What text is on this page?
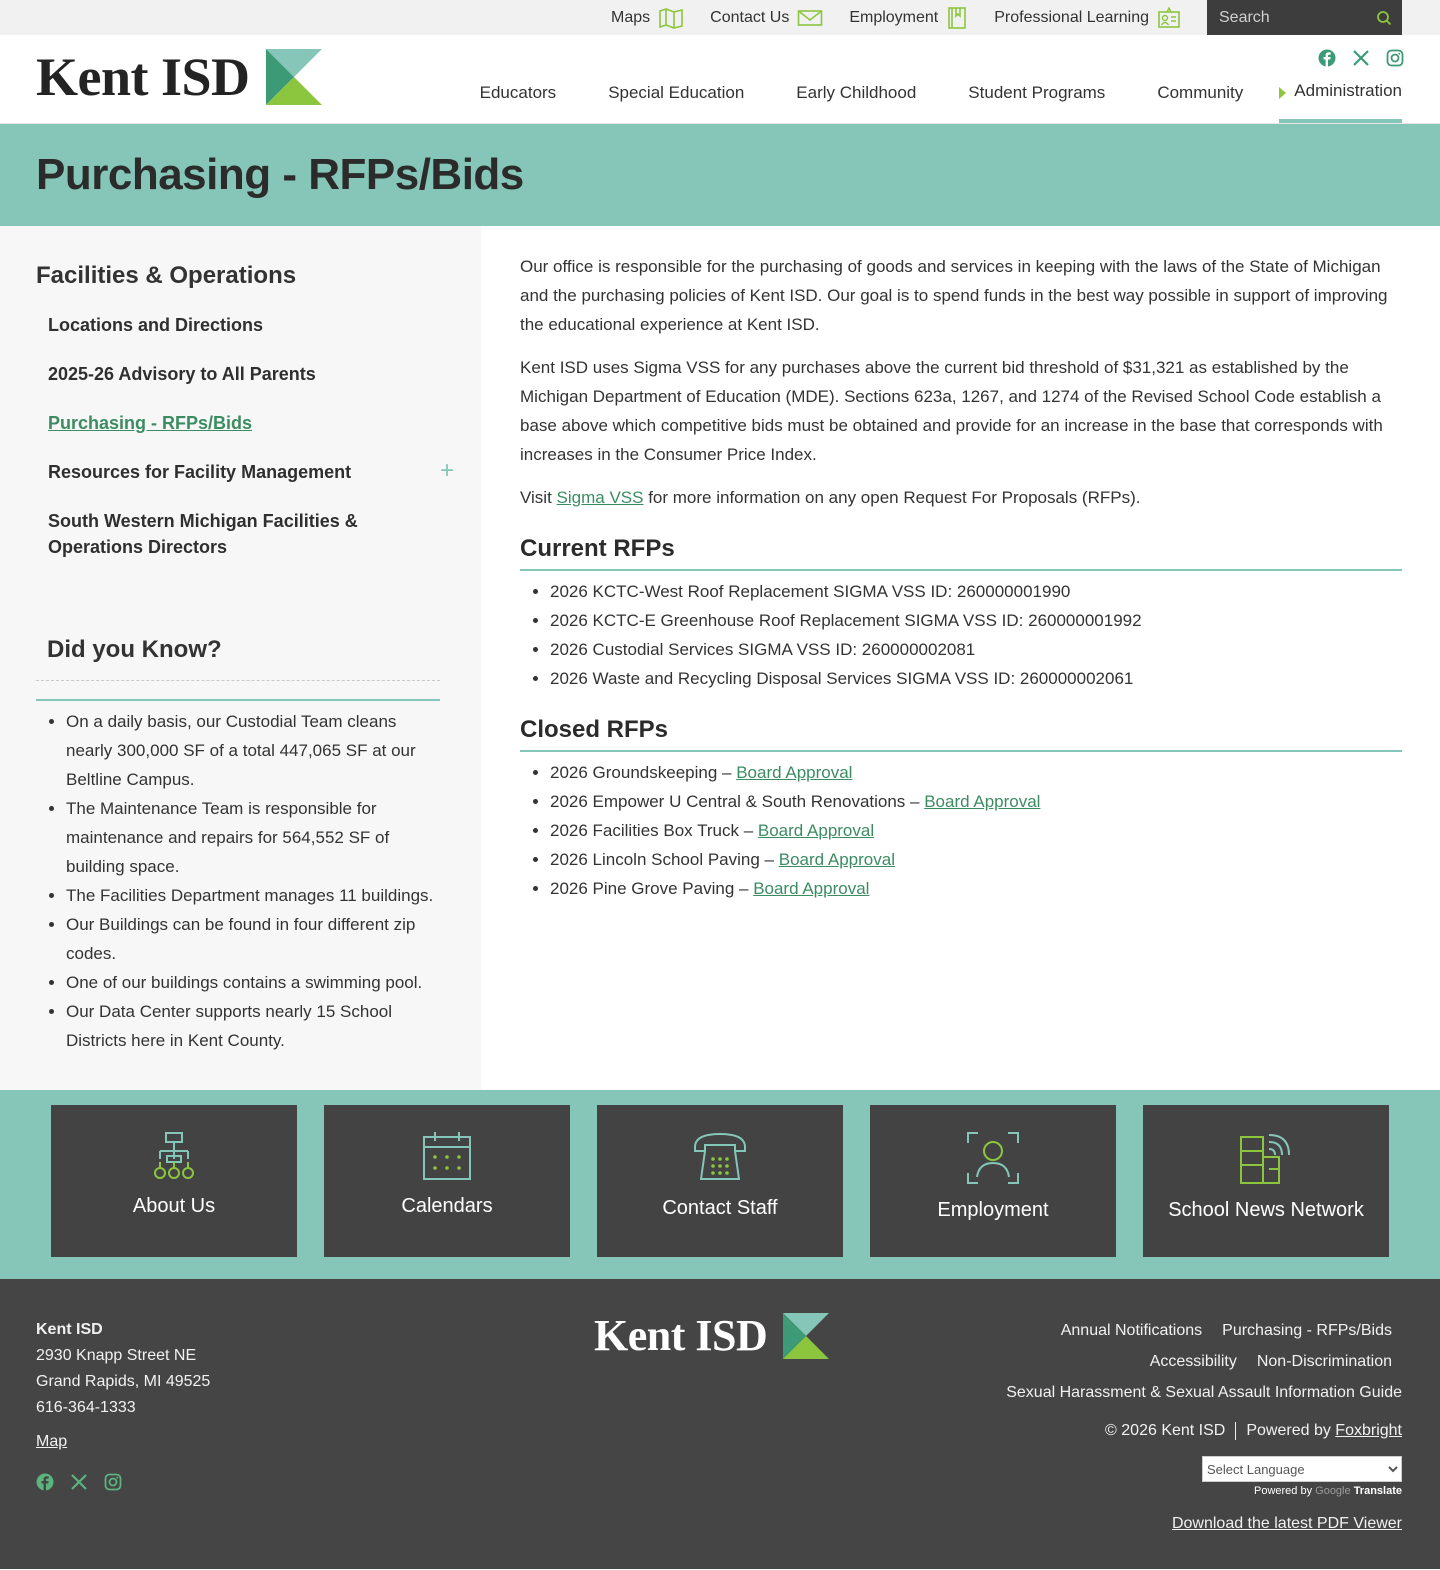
Maps	Contact Us	Employment	Professional Learning
Search
Kent ISD	Educators	Special Education	Early Childhood	Student Programs	Community	Administration
Purchasing - RFPs/Bids
Facilities & Operations
Locations and Directions
2025-26 Advisory to All Parents
Purchasing - RFPs/Bids
Resources for Facility Management	+
South Western Michigan Facilities & Operations Directors
Did you Know?
• On a daily basis, our Custodial Team cleans nearly 300,000 SF of a total 447,065 SF at our Beltline Campus.
• The Maintenance Team is responsible for maintenance and repairs for 564,552 SF of building space.
• The Facilities Department manages 11 buildings.
• Our Buildings can be found in four different zip codes.
• One of our buildings contains a swimming pool.
• Our Data Center supports nearly 15 School Districts here in Kent County.

Our office is responsible for the purchasing of goods and services in keeping with the laws of the State of Michigan and the purchasing policies of Kent ISD. Our goal is to spend funds in the best way possible in support of improving the educational experience at Kent ISD.

Kent ISD uses Sigma VSS for any purchases above the current bid threshold of $31,321 as established by the Michigan Department of Education (MDE). Sections 623a, 1267, and 1274 of the Revised School Code establish a base above which competitive bids must be obtained and provide for an increase in the base that corresponds with increases in the Consumer Price Index.

Visit Sigma VSS for more information on any open Request For Proposals (RFPs).

Current RFPs
• 2026 KCTC-West Roof Replacement SIGMA VSS ID: 260000001990
• 2026 KCTC-E Greenhouse Roof Replacement SIGMA VSS ID: 260000001992
• 2026 Custodial Services SIGMA VSS ID: 260000002081
• 2026 Waste and Recycling Disposal Services SIGMA VSS ID: 260000002061
Closed RFPs
• 2026 Groundskeeping – Board Approval
• 2026 Empower U Central & South Renovations – Board Approval
• 2026 Facilities Box Truck – Board Approval
• 2026 Lincoln School Paving – Board Approval
• 2026 Pine Grove Paving – Board Approval
About Us	Calendars	Contact Staff	Employment	School News Network
Kent ISD
2930 Knapp Street NE
Grand Rapids, MI 49525
616-364-1333
Map
Kent ISD	Annual Notifications Purchasing - RFPs/Bids
Accessibility Non-Discrimination
Sexual Harassment & Sexual Assault Information Guide
© 2026 Kent ISD Powered by Foxbright
Select Language
Powered by Google Translate
Download the latest PDF Viewer
